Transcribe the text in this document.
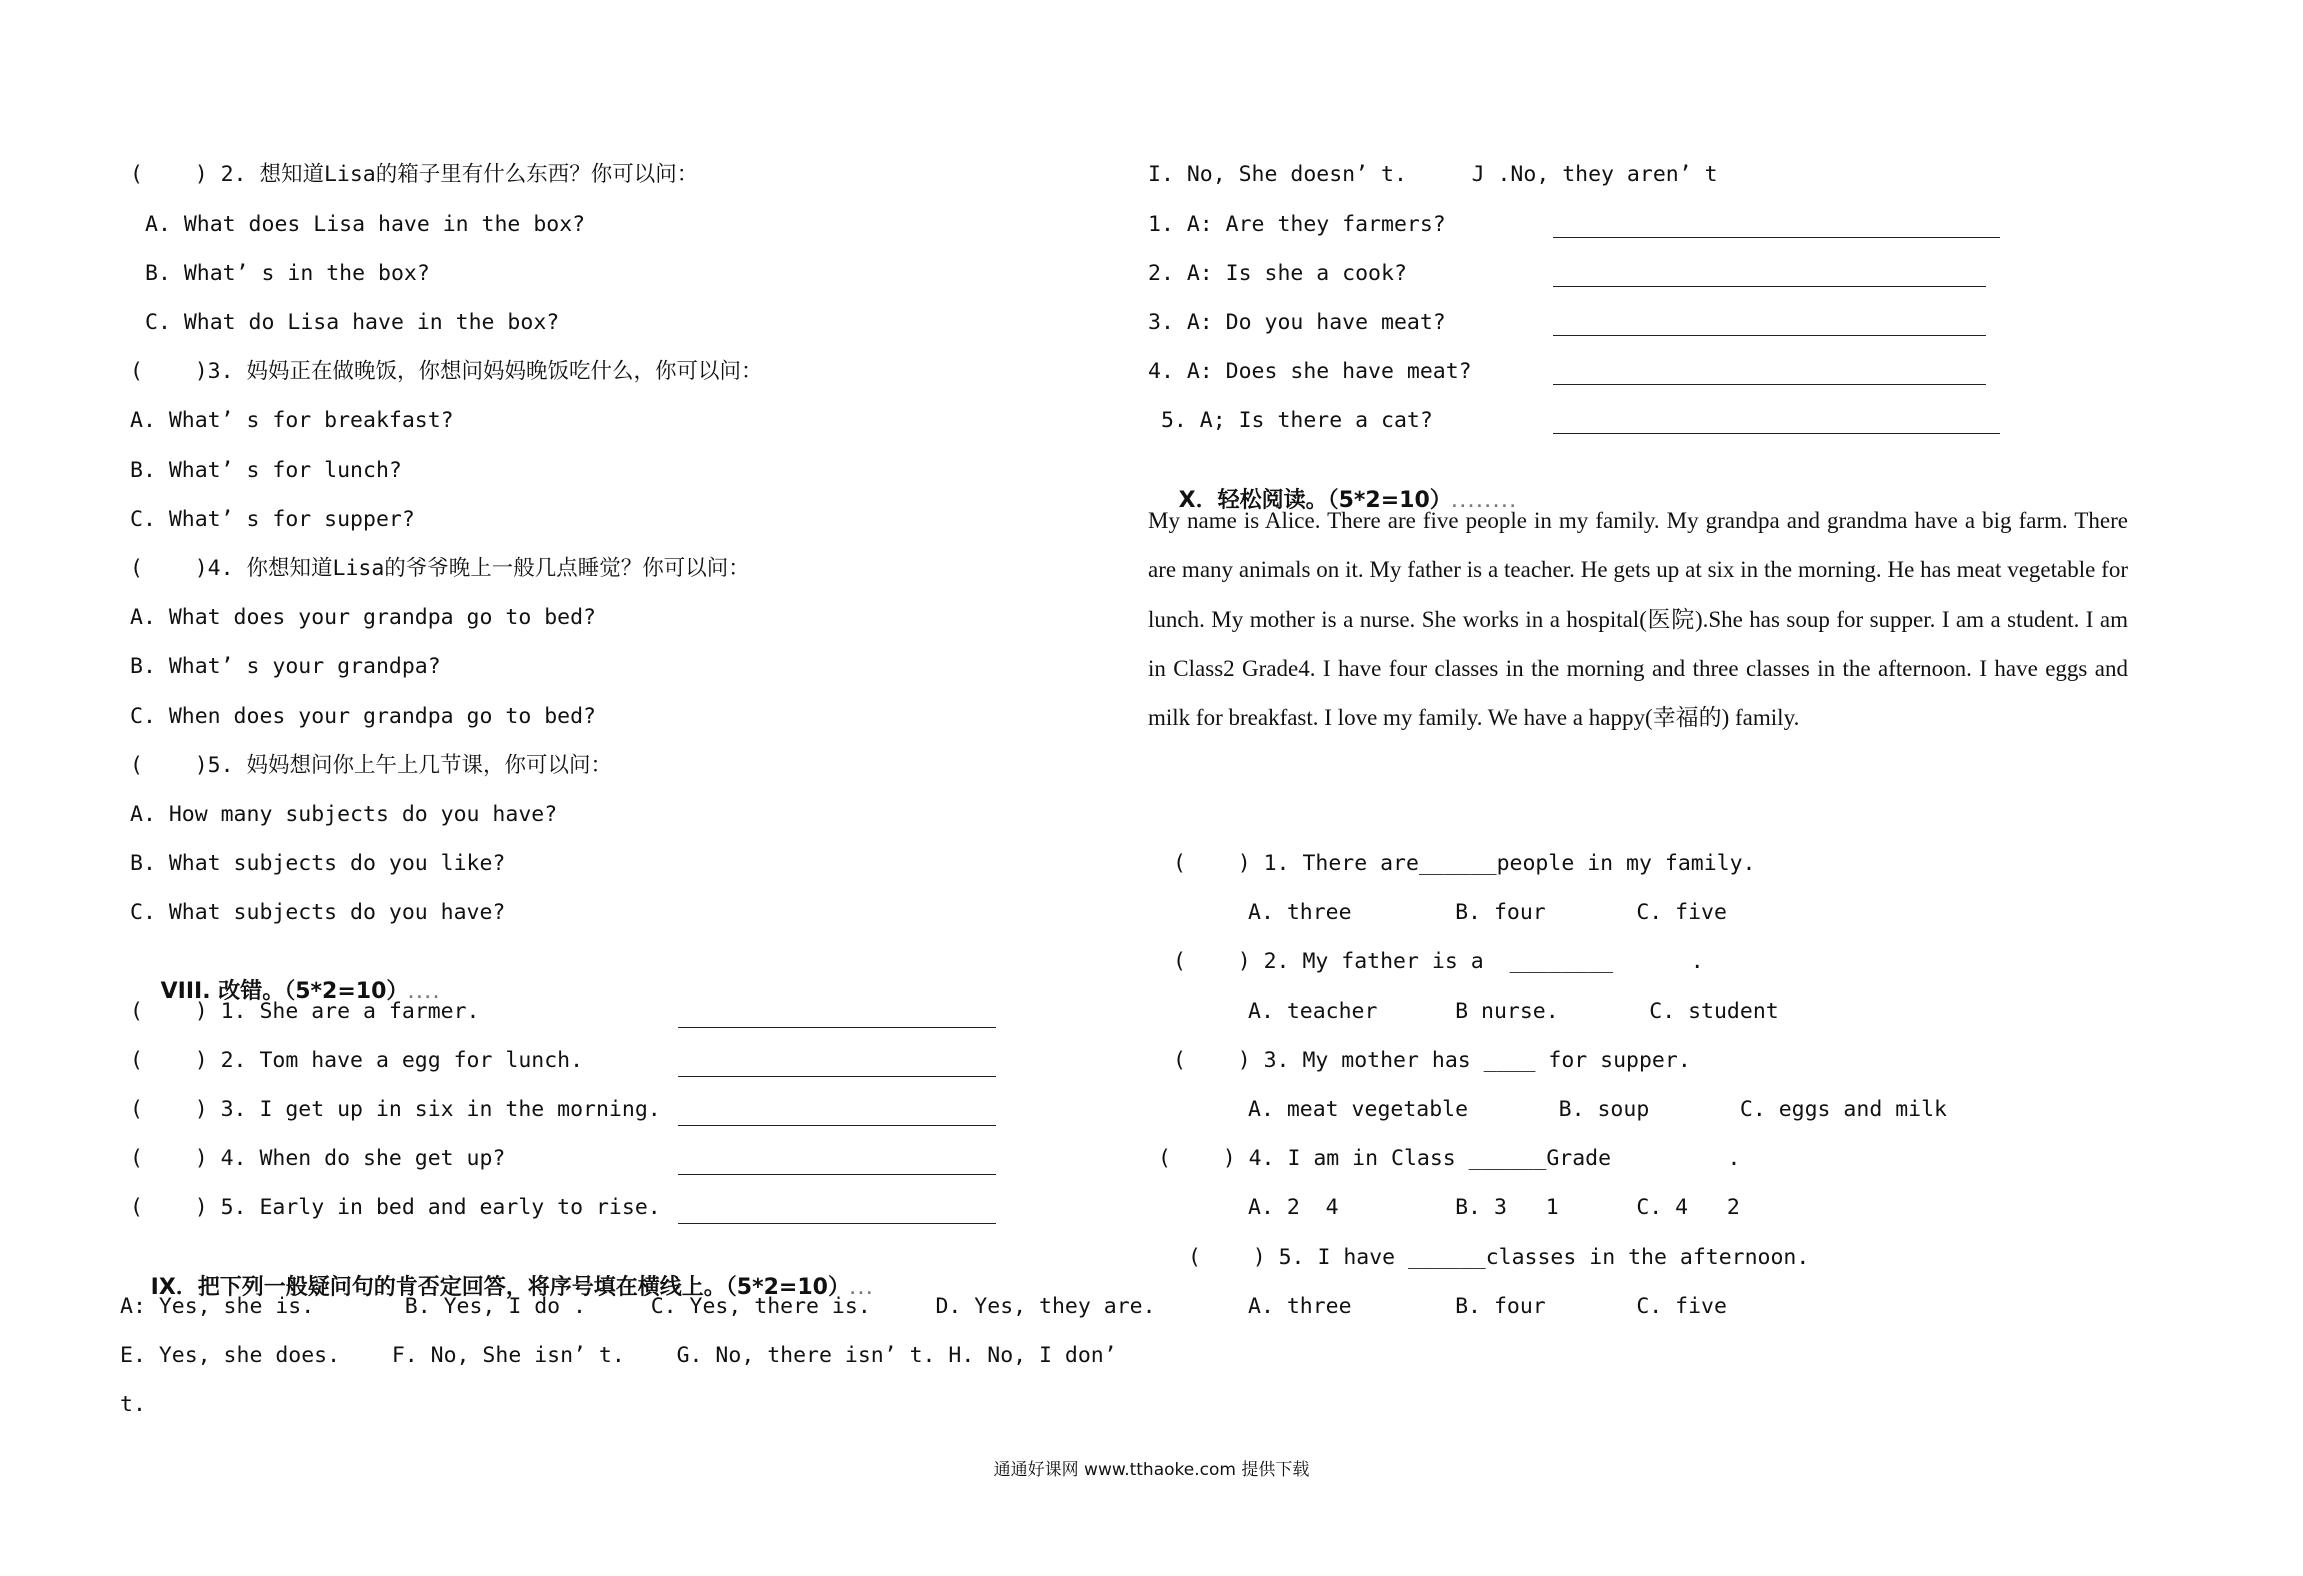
(    ) 2. 想知道Lisa的箱子里有什么东西？你可以问：
A. What does Lisa have in the box?
B. What’ s in the box?
C. What do Lisa have in the box?
(    )3. 妈妈正在做晚饭，你想问妈妈晚饭吃什么，你可以问：
A. What’ s for breakfast?
B. What’ s for lunch?
C. What’ s for supper?
(    )4. 你想知道Lisa的爷爷晚上一般几点睡觉？你可以问：
A. What does your grandpa go to bed?
B. What’ s your grandpa?
C. When does your grandpa go to bed?
(    )5. 妈妈想问你上午上几节课，你可以问：
A. How many subjects do you have?
B. What subjects do you like?
C. What subjects do you have?

VIII. 改错。（5*2=10）....

(    ) 1. She are a farmer.
(    ) 2. Tom have a egg for lunch.
(    ) 3. I get up in six in the morning.
(    ) 4. When do she get up?
(    ) 5. Early in bed and early to rise.

IX．把下列一般疑问句的肯否定回答，将序号填在横线上。（5*2=10）...

A: Yes, she is.       B. Yes, I do .     C. Yes, there is.     D. Yes, they are.
E. Yes, she does.    F. No, She isn’ t.    G. No, there isn’ t. H. No, I don’
t.
I. No, She doesn’ t.     J .No, they aren’ t
1. A: Are they farmers?
2. A: Is she a cook?
3. A: Do you have meat?
4. A: Does she have meat?
5. A; Is there a cat?

X．轻松阅读。（5*2=10）........

My name is Alice. There are five people in my family. My grandpa and grandma have a big farm. There are many animals on it. My father is a teacher. He gets up at six in the morning. He has meat vegetable for lunch. My mother is a nurse. She works in a hospital(医院).She has soup for supper. I am a student. I am in Class2 Grade4. I have four classes in the morning and three classes in the afternoon. I have eggs and milk for breakfast. I love my family. We have a happy(幸福的) family.
(    ) 1. There are______people in my family.
A. three        B. four       C. five
(    ) 2. My father is a  ________      .
A. teacher      B nurse.       C. student
(    ) 3. My mother has ____ for supper.
A. meat vegetable       B. soup       C. eggs and milk
(    ) 4. I am in Class ______Grade         .
A. 2  4         B. 3   1      C. 4   2
(    ) 5. I have ______classes in the afternoon.
A. three        B. four       C. five
通通好课网 www.tthaoke.com 提供下载
